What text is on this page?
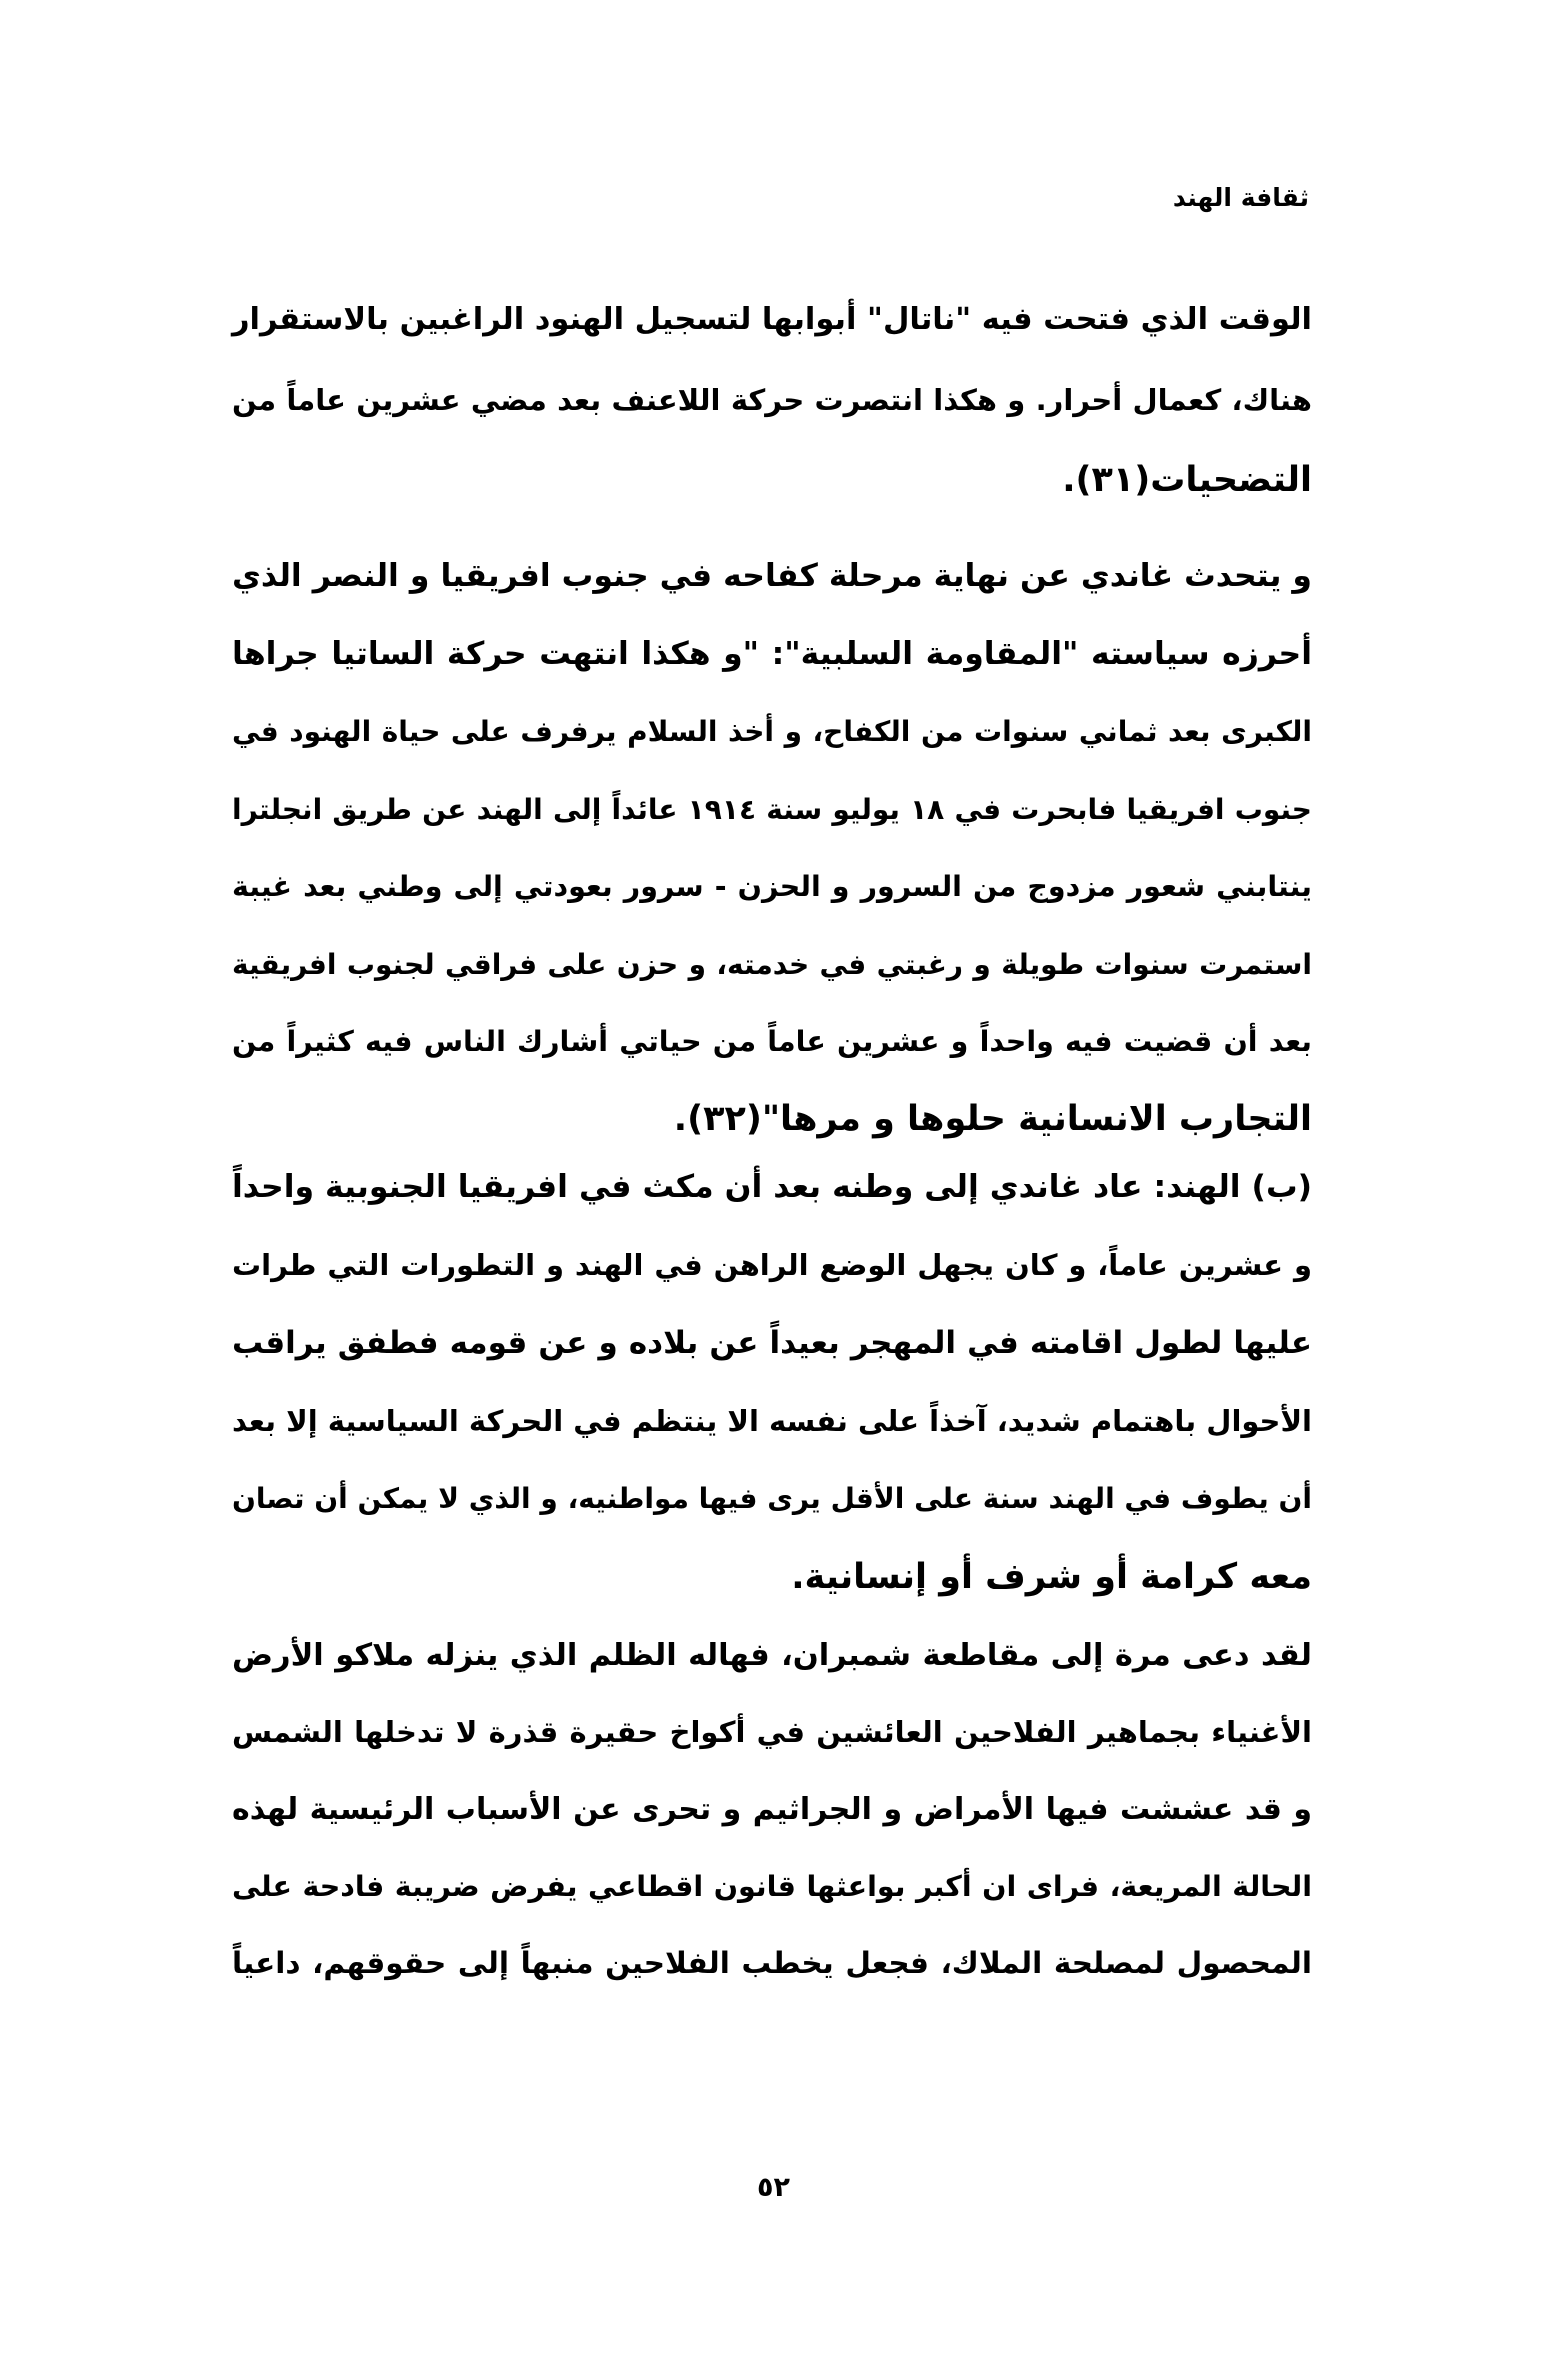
ثقافة الهند
الوقت الذي فتحت فيه "ناتال" أبوابها لتسجيل الهنود الراغبين بالاستقرار
هناك، كعمال أحرار. و هكذا انتصرت حركة اللاعنف بعد مضي عشرين عاماً من
التضحيات(٣١).
و يتحدث غاندي عن نهاية مرحلة كفاحه في جنوب افريقيا و النصر الذي
أحرزه سياسته "المقاومة السلبية": "و هكذا انتهت حركة الساتيا جراها
الكبرى بعد ثماني سنوات من الكفاح، و أخذ السلام يرفرف على حياة الهنود في
جنوب افريقيا فابحرت في ١٨ يوليو سنة ١٩١٤ عائداً إلى الهند عن طريق انجلترا
ينتابني شعور مزدوج من السرور و الحزن - سرور بعودتي إلى وطني بعد غيبة
استمرت سنوات طويلة و رغبتي في خدمته، و حزن على فراقي لجنوب افريقية
بعد أن قضيت فيه واحداً و عشرين عاماً من حياتي أشارك الناس فيه كثيراً من
التجارب الانسانية حلوها و مرها"(٣٢).
(ب) الهند: عاد غاندي إلى وطنه بعد أن مكث في افريقيا الجنوبية واحداً
و عشرين عاماً، و كان يجهل الوضع الراهن في الهند و التطورات التي طرات
عليها لطول اقامته في المهجر بعيداً عن بلاده و عن قومه فطفق يراقب
الأحوال باهتمام شديد، آخذاً على نفسه الا ينتظم في الحركة السياسية إلا بعد
أن يطوف في الهند سنة على الأقل يرى فيها مواطنيه، و الذي لا يمكن أن تصان
معه كرامة أو شرف أو إنسانية.
لقد دعى مرة إلى مقاطعة شمبران، فهاله الظلم الذي ينزله ملاكو الأرض
الأغنياء بجماهير الفلاحين العائشين في أكواخ حقيرة قذرة لا تدخلها الشمس
و قد عششت فيها الأمراض و الجراثيم و تحرى عن الأسباب الرئيسية لهذه
الحالة المريعة، فراى ان أكبر بواعثها قانون اقطاعي يفرض ضريبة فادحة على
المحصول لمصلحة الملاك، فجعل يخطب الفلاحين منبهاً إلى حقوقهم، داعياً
٥٢
